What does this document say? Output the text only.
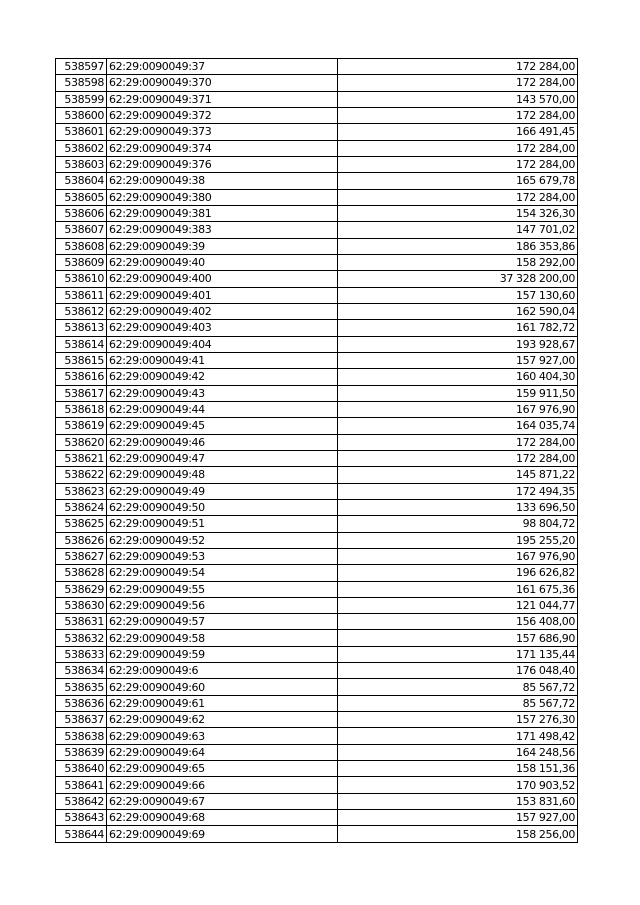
538597	62:29:0090049:37	172 284,00
538598	62:29:0090049:370	172 284,00
538599	62:29:0090049:371	143 570,00
538600	62:29:0090049:372	172 284,00
538601	62:29:0090049:373	166 491,45
538602	62:29:0090049:374	172 284,00
538603	62:29:0090049:376	172 284,00
538604	62:29:0090049:38	165 679,78
538605	62:29:0090049:380	172 284,00
538606	62:29:0090049:381	154 326,30
538607	62:29:0090049:383	147 701,02
538608	62:29:0090049:39	186 353,86
538609	62:29:0090049:40	158 292,00
538610	62:29:0090049:400	37 328 200,00
538611	62:29:0090049:401	157 130,60
538612	62:29:0090049:402	162 590,04
538613	62:29:0090049:403	161 782,72
538614	62:29:0090049:404	193 928,67
538615	62:29:0090049:41	157 927,00
538616	62:29:0090049:42	160 404,30
538617	62:29:0090049:43	159 911,50
538618	62:29:0090049:44	167 976,90
538619	62:29:0090049:45	164 035,74
538620	62:29:0090049:46	172 284,00
538621	62:29:0090049:47	172 284,00
538622	62:29:0090049:48	145 871,22
538623	62:29:0090049:49	172 494,35
538624	62:29:0090049:50	133 696,50
538625	62:29:0090049:51	98 804,72
538626	62:29:0090049:52	195 255,20
538627	62:29:0090049:53	167 976,90
538628	62:29:0090049:54	196 626,82
538629	62:29:0090049:55	161 675,36
538630	62:29:0090049:56	121 044,77
538631	62:29:0090049:57	156 408,00
538632	62:29:0090049:58	157 686,90
538633	62:29:0090049:59	171 135,44
538634	62:29:0090049:6	176 048,40
538635	62:29:0090049:60	85 567,72
538636	62:29:0090049:61	85 567,72
538637	62:29:0090049:62	157 276,30
538638	62:29:0090049:63	171 498,42
538639	62:29:0090049:64	164 248,56
538640	62:29:0090049:65	158 151,36
538641	62:29:0090049:66	170 903,52
538642	62:29:0090049:67	153 831,60
538643	62:29:0090049:68	157 927,00
538644	62:29:0090049:69	158 256,00
